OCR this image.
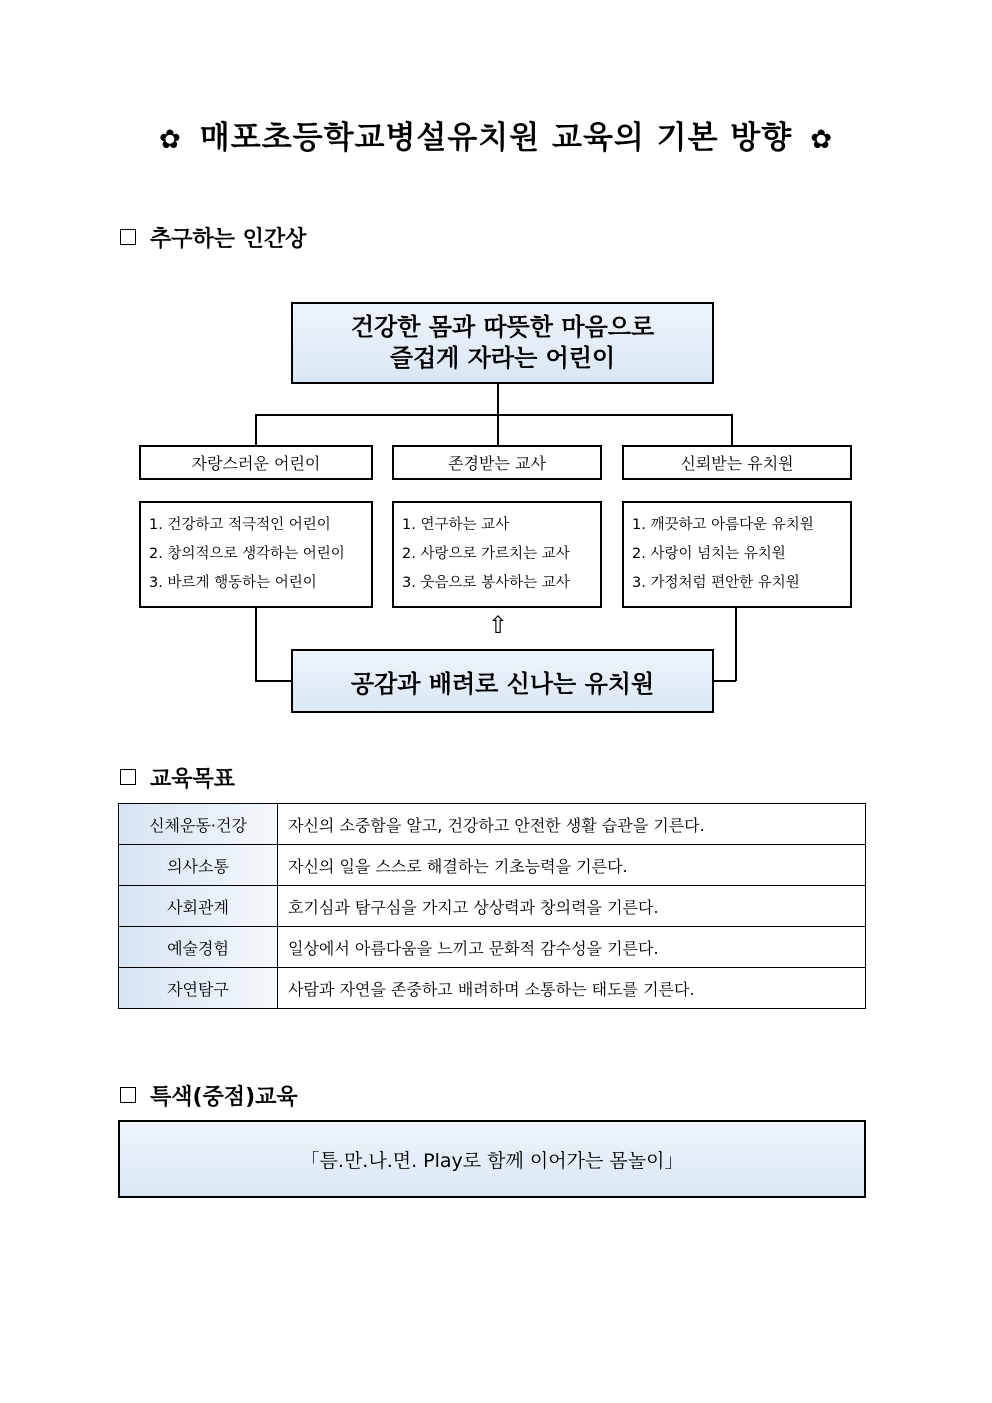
✿ 매포초등학교병설유치원 교육의 기본 방향 ✿
추구하는 인간상
건강한 몸과 따뜻한 마음으로
즐겁게 자라는 어린이
자랑스러운 어린이	존경받는 교사	신뢰받는 유치원
1. 건강하고 적극적인 어린이
2. 창의적으로 생각하는 어린이
3. 바르게 행동하는 어린이
1. 연구하는 교사
2. 사랑으로 가르치는 교사
3. 웃음으로 봉사하는 교사
1. 깨끗하고 아름다운 유치원
2. 사랑이 넘치는 유치원
3. 가정처럼 편안한 유치원
⇧
공감과 배려로 신나는 유치원
교육목표
신체운동·건강	자신의 소중함을 알고, 건강하고 안전한 생활 습관을 기른다.
의사소통	자신의 일을 스스로 해결하는 기초능력을 기른다.
사회관계	호기심과 탐구심을 가지고 상상력과 창의력을 기른다.
예술경험	일상에서 아름다움을 느끼고 문화적 감수성을 기른다.
자연탐구	사람과 자연을 존중하고 배려하며 소통하는 태도를 기른다.
특색(중점)교육
「틈.만.나.면. Play로 함께 이어가는 몸놀이」
